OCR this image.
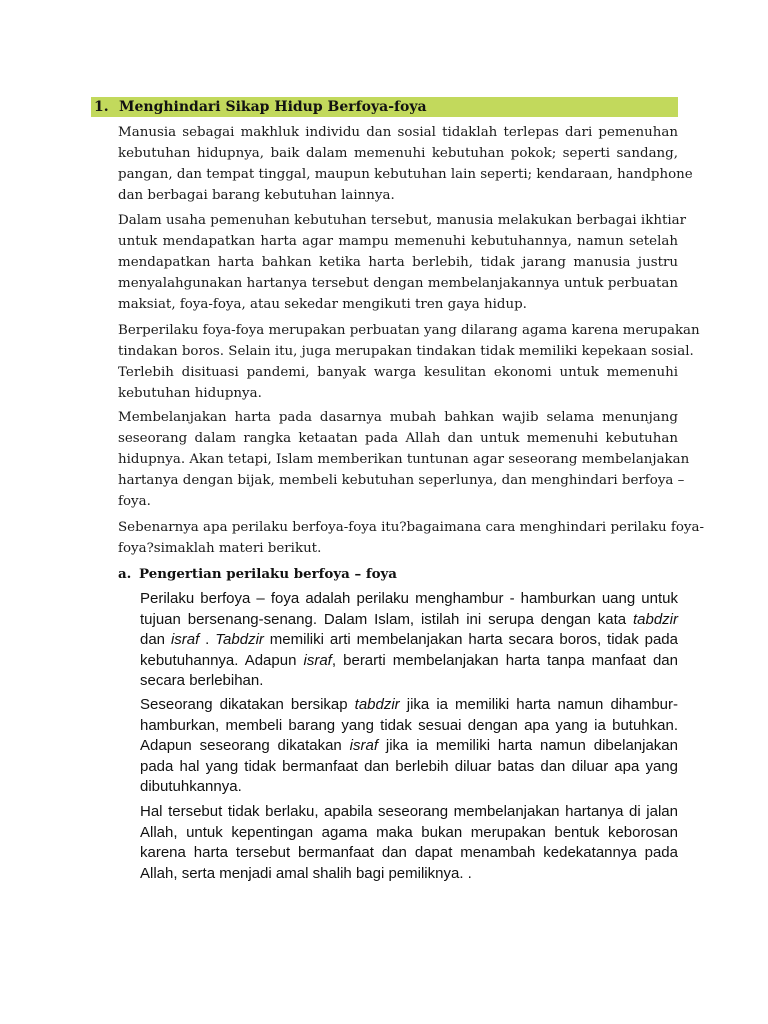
1. Menghindari Sikap Hidup Berfoya-foya
Manusia sebagai makhluk individu dan sosial tidaklah terlepas dari pemenuhan
kebutuhan hidupnya, baik dalam memenuhi kebutuhan pokok; seperti sandang,
pangan, dan tempat tinggal, maupun kebutuhan lain seperti; kendaraan, handphone
dan berbagai barang kebutuhan lainnya.
Dalam usaha pemenuhan kebutuhan tersebut, manusia melakukan berbagai ikhtiar
untuk mendapatkan harta agar mampu memenuhi kebutuhannya, namun setelah
mendapatkan harta bahkan ketika harta berlebih, tidak jarang manusia justru
menyalahgunakan hartanya tersebut dengan membelanjakannya untuk perbuatan
maksiat, foya-foya, atau sekedar mengikuti tren gaya hidup.
Berperilaku foya-foya merupakan perbuatan yang dilarang agama karena merupakan
tindakan boros. Selain itu, juga merupakan tindakan tidak memiliki kepekaan sosial.
Terlebih disituasi pandemi, banyak warga kesulitan ekonomi untuk memenuhi
kebutuhan hidupnya.
Membelanjakan harta pada dasarnya mubah bahkan wajib selama menunjang
seseorang dalam rangka ketaatan pada Allah dan untuk memenuhi kebutuhan
hidupnya. Akan tetapi, Islam memberikan tuntunan agar seseorang membelanjakan
hartanya dengan bijak, membeli kebutuhan seperlunya, dan menghindari berfoya –
foya.
Sebenarnya apa perilaku berfoya-foya itu?bagaimana cara menghindari perilaku foya-
foya?simaklah materi berikut.
a. Pengertian perilaku berfoya – foya
Perilaku berfoya – foya adalah perilaku menghambur - hamburkan uang untuk
tujuan bersenang-senang. Dalam Islam, istilah ini serupa dengan kata tabdzir
dan israf . Tabdzir memiliki arti membelanjakan harta secara boros, tidak pada
kebutuhannya. Adapun israf, berarti membelanjakan harta tanpa manfaat dan
secara berlebihan.
Seseorang dikatakan bersikap tabdzir jika ia memiliki harta namun dihambur-
hamburkan, membeli barang yang tidak sesuai dengan apa yang ia butuhkan.
Adapun seseorang dikatakan israf jika ia memiliki harta namun dibelanjakan
pada hal yang tidak bermanfaat dan berlebih diluar batas dan diluar apa yang
dibutuhkannya.
Hal tersebut tidak berlaku, apabila seseorang membelanjakan hartanya di jalan
Allah, untuk kepentingan agama maka bukan merupakan bentuk keborosan
karena harta tersebut bermanfaat dan dapat menambah kedekatannya pada
Allah, serta menjadi amal shalih bagi pemiliknya. .
